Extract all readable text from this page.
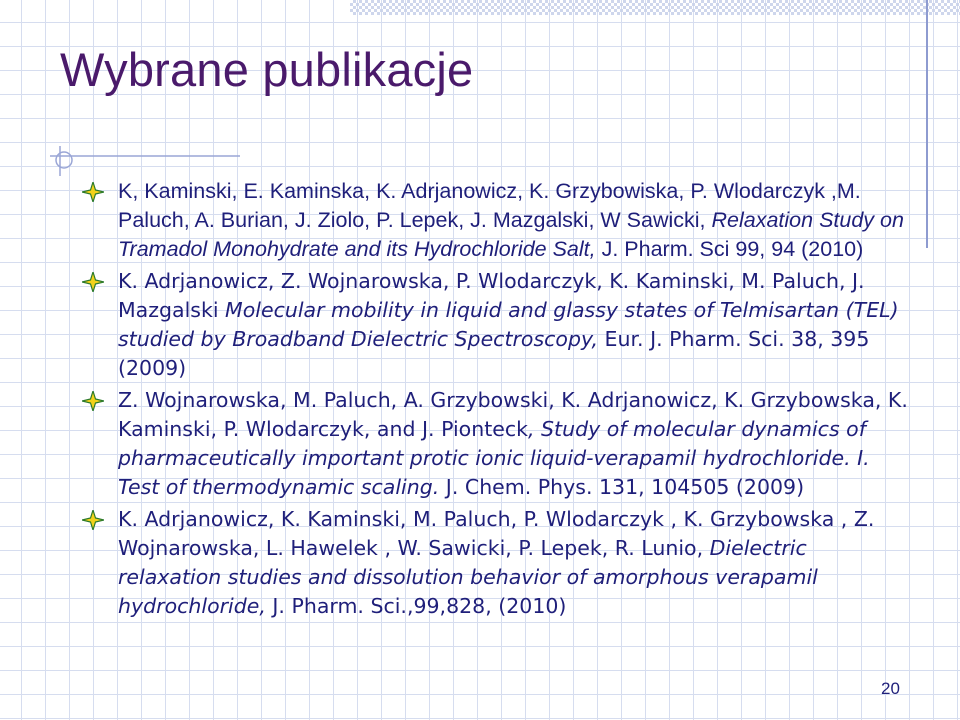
Wybrane publikacje
K, Kaminski, E. Kaminska, K. Adrjanowicz, K. Grzybowiska, P. Wlodarczyk ,M. Paluch, A. Burian, J. Ziolo, P. Lepek, J. Mazgalski, W Sawicki, Relaxation Study on Tramadol Monohydrate and its Hydrochloride Salt, J. Pharm. Sci 99, 94 (2010)
K. Adrjanowicz, Z. Wojnarowska, P. Wlodarczyk, K. Kaminski, M. Paluch, J. Mazgalski Molecular mobility in liquid and glassy states of Telmisartan (TEL) studied by Broadband Dielectric Spectroscopy, Eur. J. Pharm. Sci. 38, 395 (2009)
Z. Wojnarowska, M. Paluch, A. Grzybowski, K. Adrjanowicz, K. Grzybowska, K. Kaminski, P. Wlodarczyk, and J. Pionteck, Study of molecular dynamics of pharmaceutically important protic ionic liquid-verapamil hydrochloride. I. Test of thermodynamic scaling. J. Chem. Phys. 131, 104505 (2009)
K. Adrjanowicz, K. Kaminski, M. Paluch, P. Wlodarczyk , K. Grzybowska , Z. Wojnarowska, L. Hawelek , W. Sawicki, P. Lepek, R. Lunio, Dielectric relaxation studies and dissolution behavior of amorphous verapamil hydrochloride, J. Pharm. Sci.,99,828, (2010)
20
